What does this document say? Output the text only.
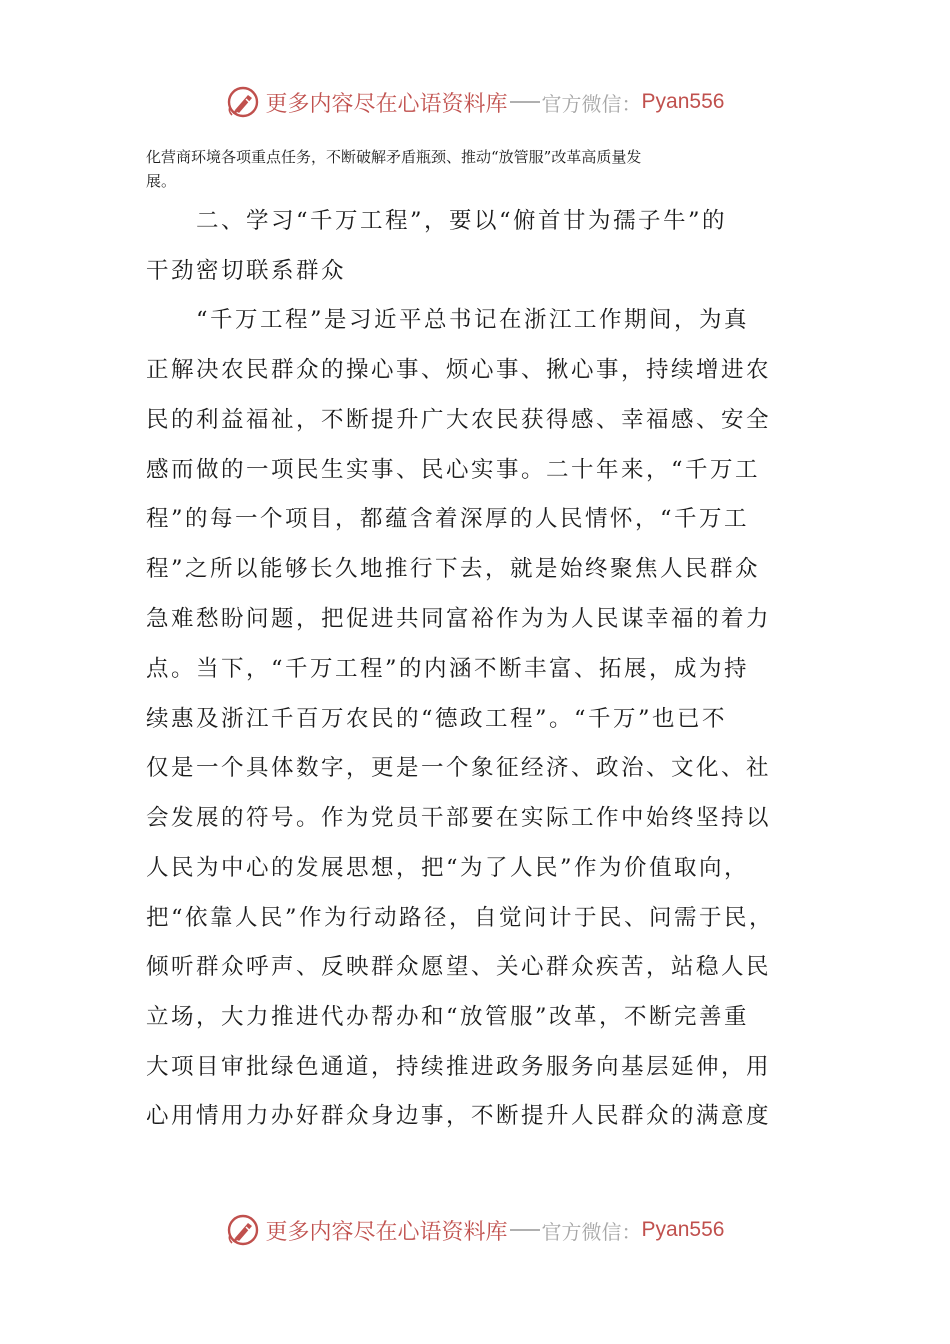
更多内容尽在心语资料库 官方微信： Pyan556

化营商环境各项重点任务，不断破解矛盾瓶颈、推动“放管服”改革高质量发
展。

　　二、学习“千万工程”，要以“俯首甘为孺子牛”的

干劲密切联系群众

　　“千万工程”是习近平总书记在浙江工作期间，为真

正解决农民群众的操心事、烦心事、揪心事，持续增进农

民的利益福祉，不断提升广大农民获得感、幸福感、安全

感而做的一项民生实事、民心实事。二十年来，“千万工

程”的每一个项目，都蕴含着深厚的人民情怀，“千万工

程”之所以能够长久地推行下去，就是始终聚焦人民群众

急难愁盼问题，把促进共同富裕作为为人民谋幸福的着力

点。当下，“千万工程”的内涵不断丰富、拓展，成为持

续惠及浙江千百万农民的“德政工程”。“千万”也已不

仅是一个具体数字，更是一个象征经济、政治、文化、社

会发展的符号。作为党员干部要在实际工作中始终坚持以

人民为中心的发展思想，把“为了人民”作为价值取向，

把“依靠人民”作为行动路径，自觉问计于民、问需于民，

倾听群众呼声、反映群众愿望、关心群众疾苦，站稳人民

立场，大力推进代办帮办和“放管服”改革，不断完善重

大项目审批绿色通道，持续推进政务服务向基层延伸，用

心用情用力办好群众身边事，不断提升人民群众的满意度

更多内容尽在心语资料库 官方微信： Pyan556
